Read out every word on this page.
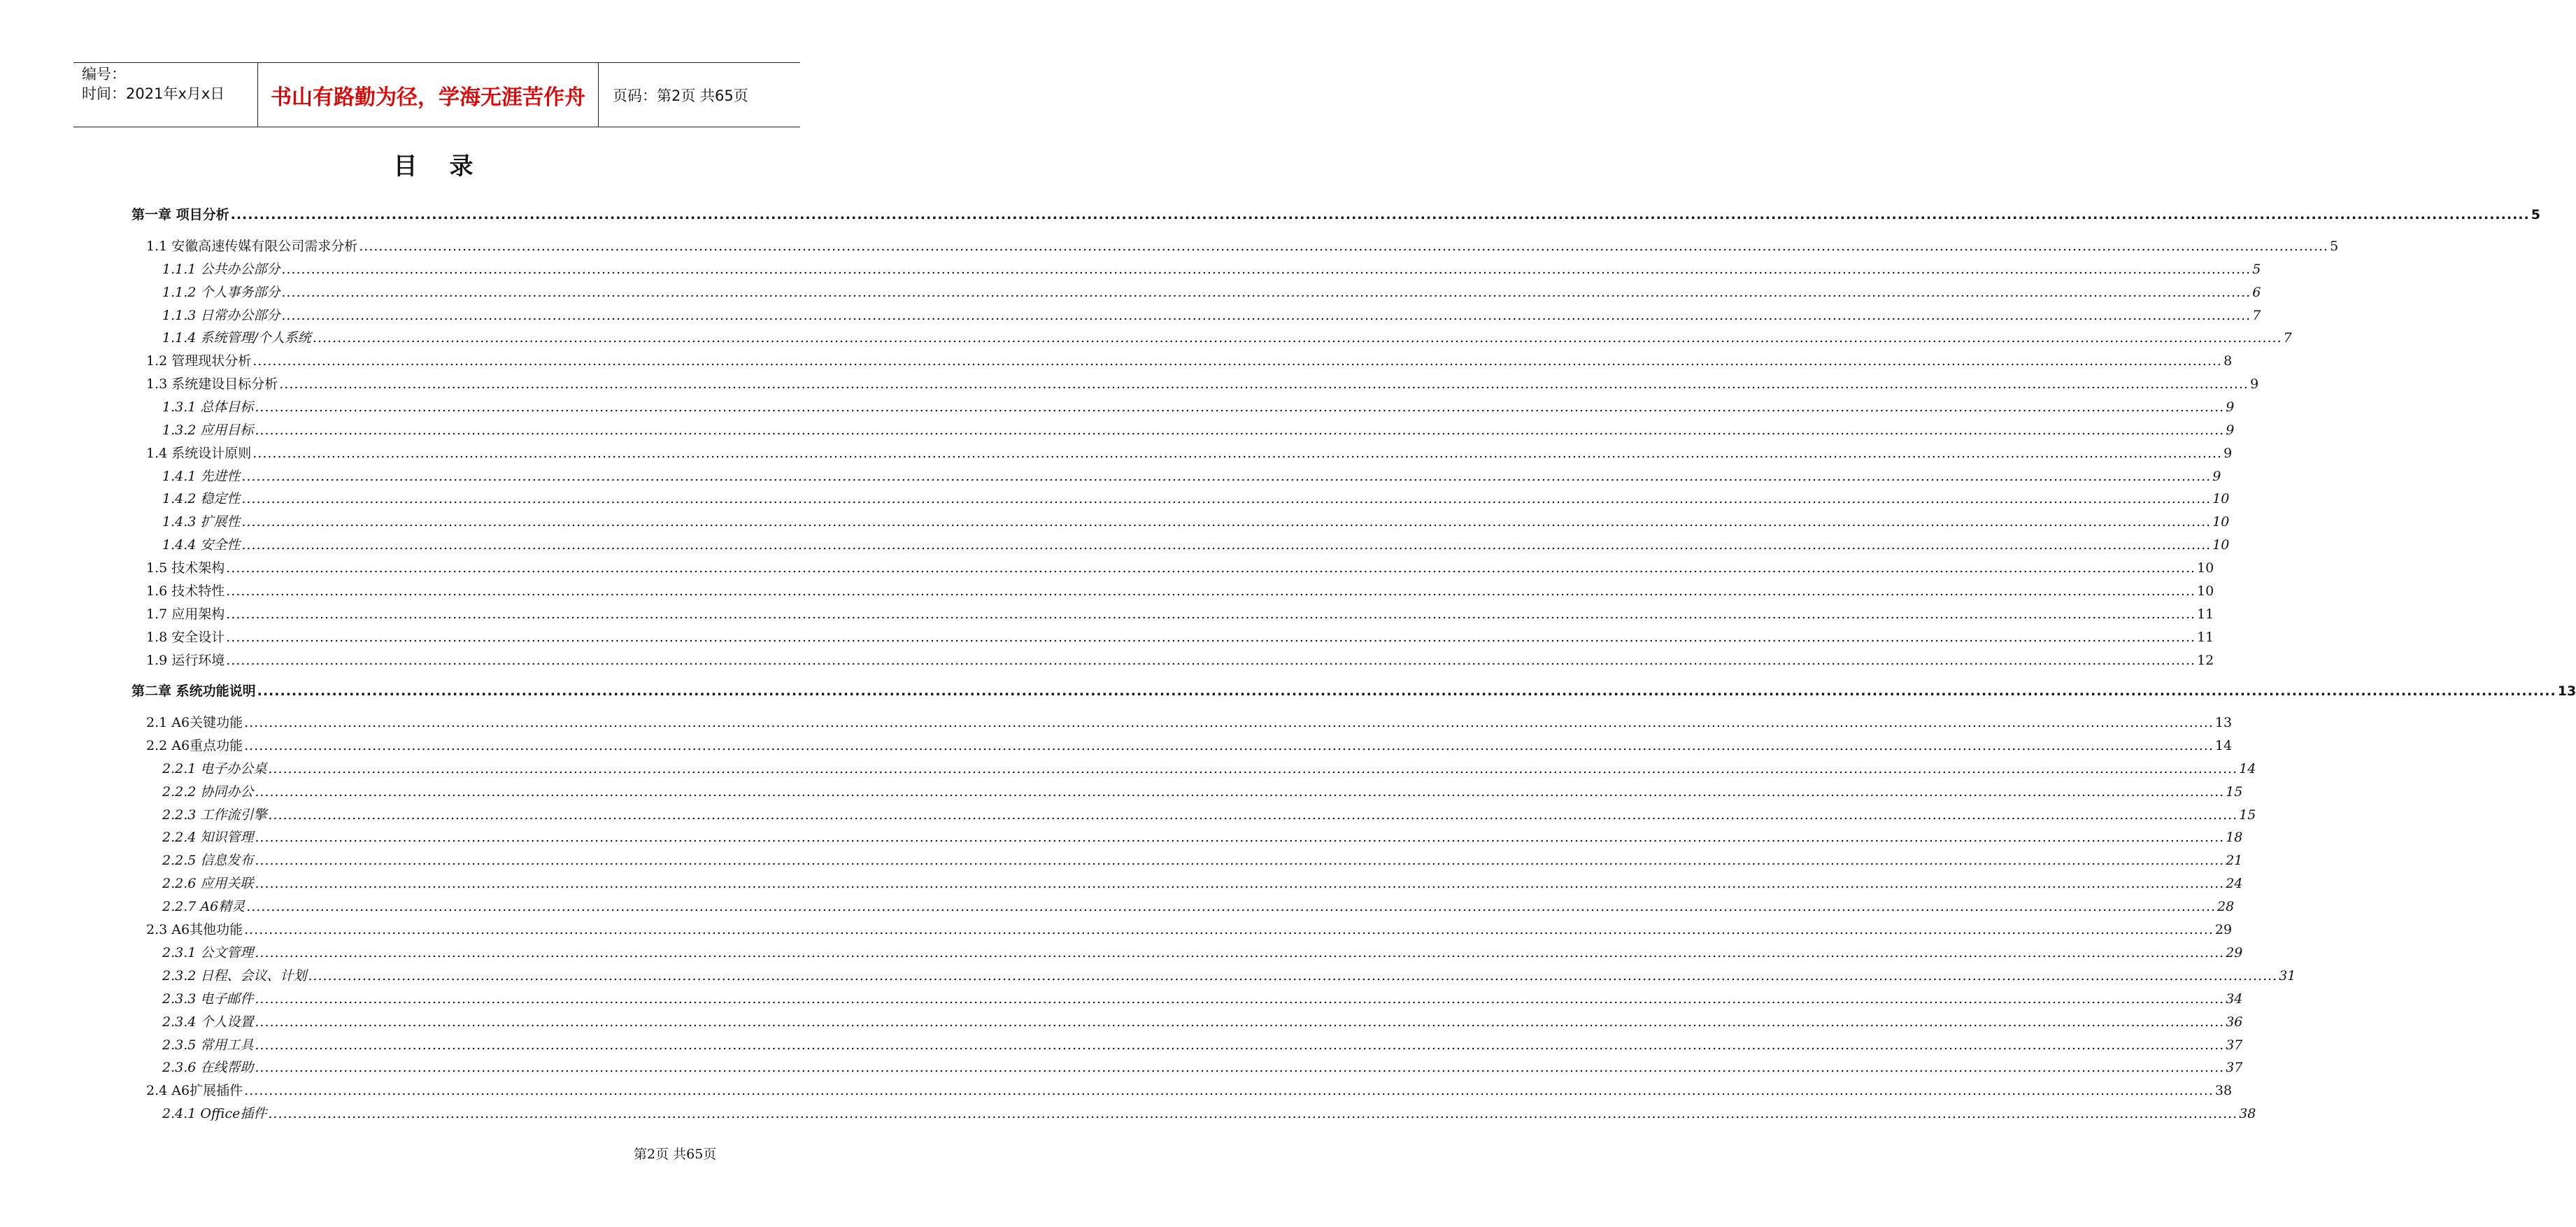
编号：
时间：2021年x月x日	书山有路勤为径，学海无涯苦作舟	页码：第2页 共65页
目 录
第一章 项目分析 ................................................................................................................................................................................................................................................................................................................................................................................................................ 5
1.1 安徽高速传媒有限公司需求分析 ................................................................................................................................................................................................................................................................................................................................................................................................................ 5
1.1.1 公共办公部分 ................................................................................................................................................................................................................................................................................................................................................................................................................ 5
1.1.2 个人事务部分 ................................................................................................................................................................................................................................................................................................................................................................................................................ 6
1.1.3 日常办公部分 ................................................................................................................................................................................................................................................................................................................................................................................................................ 7
1.1.4 系统管理/个人系统 ................................................................................................................................................................................................................................................................................................................................................................................................................ 7
1.2 管理现状分析 ................................................................................................................................................................................................................................................................................................................................................................................................................ 8
1.3 系统建设目标分析 ................................................................................................................................................................................................................................................................................................................................................................................................................ 9
1.3.1 总体目标 ................................................................................................................................................................................................................................................................................................................................................................................................................ 9
1.3.2 应用目标 ................................................................................................................................................................................................................................................................................................................................................................................................................ 9
1.4 系统设计原则 ................................................................................................................................................................................................................................................................................................................................................................................................................ 9
1.4.1 先进性 ................................................................................................................................................................................................................................................................................................................................................................................................................ 9
1.4.2 稳定性 ................................................................................................................................................................................................................................................................................................................................................................................................................ 10
1.4.3 扩展性 ................................................................................................................................................................................................................................................................................................................................................................................................................ 10
1.4.4 安全性 ................................................................................................................................................................................................................................................................................................................................................................................................................ 10
1.5 技术架构 ................................................................................................................................................................................................................................................................................................................................................................................................................ 10
1.6 技术特性 ................................................................................................................................................................................................................................................................................................................................................................................................................ 10
1.7 应用架构 ................................................................................................................................................................................................................................................................................................................................................................................................................ 11
1.8 安全设计 ................................................................................................................................................................................................................................................................................................................................................................................................................ 11
1.9 运行环境 ................................................................................................................................................................................................................................................................................................................................................................................................................ 12
第二章 系统功能说明 ................................................................................................................................................................................................................................................................................................................................................................................................................ 13
2.1 A6关键功能 ................................................................................................................................................................................................................................................................................................................................................................................................................ 13
2.2 A6重点功能 ................................................................................................................................................................................................................................................................................................................................................................................................................ 14
2.2.1 电子办公桌 ................................................................................................................................................................................................................................................................................................................................................................................................................ 14
2.2.2 协同办公 ................................................................................................................................................................................................................................................................................................................................................................................................................ 15
2.2.3 工作流引擎 ................................................................................................................................................................................................................................................................................................................................................................................................................ 15
2.2.4 知识管理 ................................................................................................................................................................................................................................................................................................................................................................................................................ 18
2.2.5 信息发布 ................................................................................................................................................................................................................................................................................................................................................................................................................ 21
2.2.6 应用关联 ................................................................................................................................................................................................................................................................................................................................................................................................................ 24
2.2.7 A6精灵 ................................................................................................................................................................................................................................................................................................................................................................................................................ 28
2.3 A6其他功能 ................................................................................................................................................................................................................................................................................................................................................................................................................ 29
2.3.1 公文管理 ................................................................................................................................................................................................................................................................................................................................................................................................................ 29
2.3.2 日程、会议、计划 ................................................................................................................................................................................................................................................................................................................................................................................................................ 31
2.3.3 电子邮件 ................................................................................................................................................................................................................................................................................................................................................................................................................ 34
2.3.4 个人设置 ................................................................................................................................................................................................................................................................................................................................................................................................................ 36
2.3.5 常用工具 ................................................................................................................................................................................................................................................................................................................................................................................................................ 37
2.3.6 在线帮助 ................................................................................................................................................................................................................................................................................................................................................................................................................ 37
2.4 A6扩展插件 ................................................................................................................................................................................................................................................................................................................................................................................................................ 38
2.4.1 Office插件 ................................................................................................................................................................................................................................................................................................................................................................................................................ 38
第2页 共65页
